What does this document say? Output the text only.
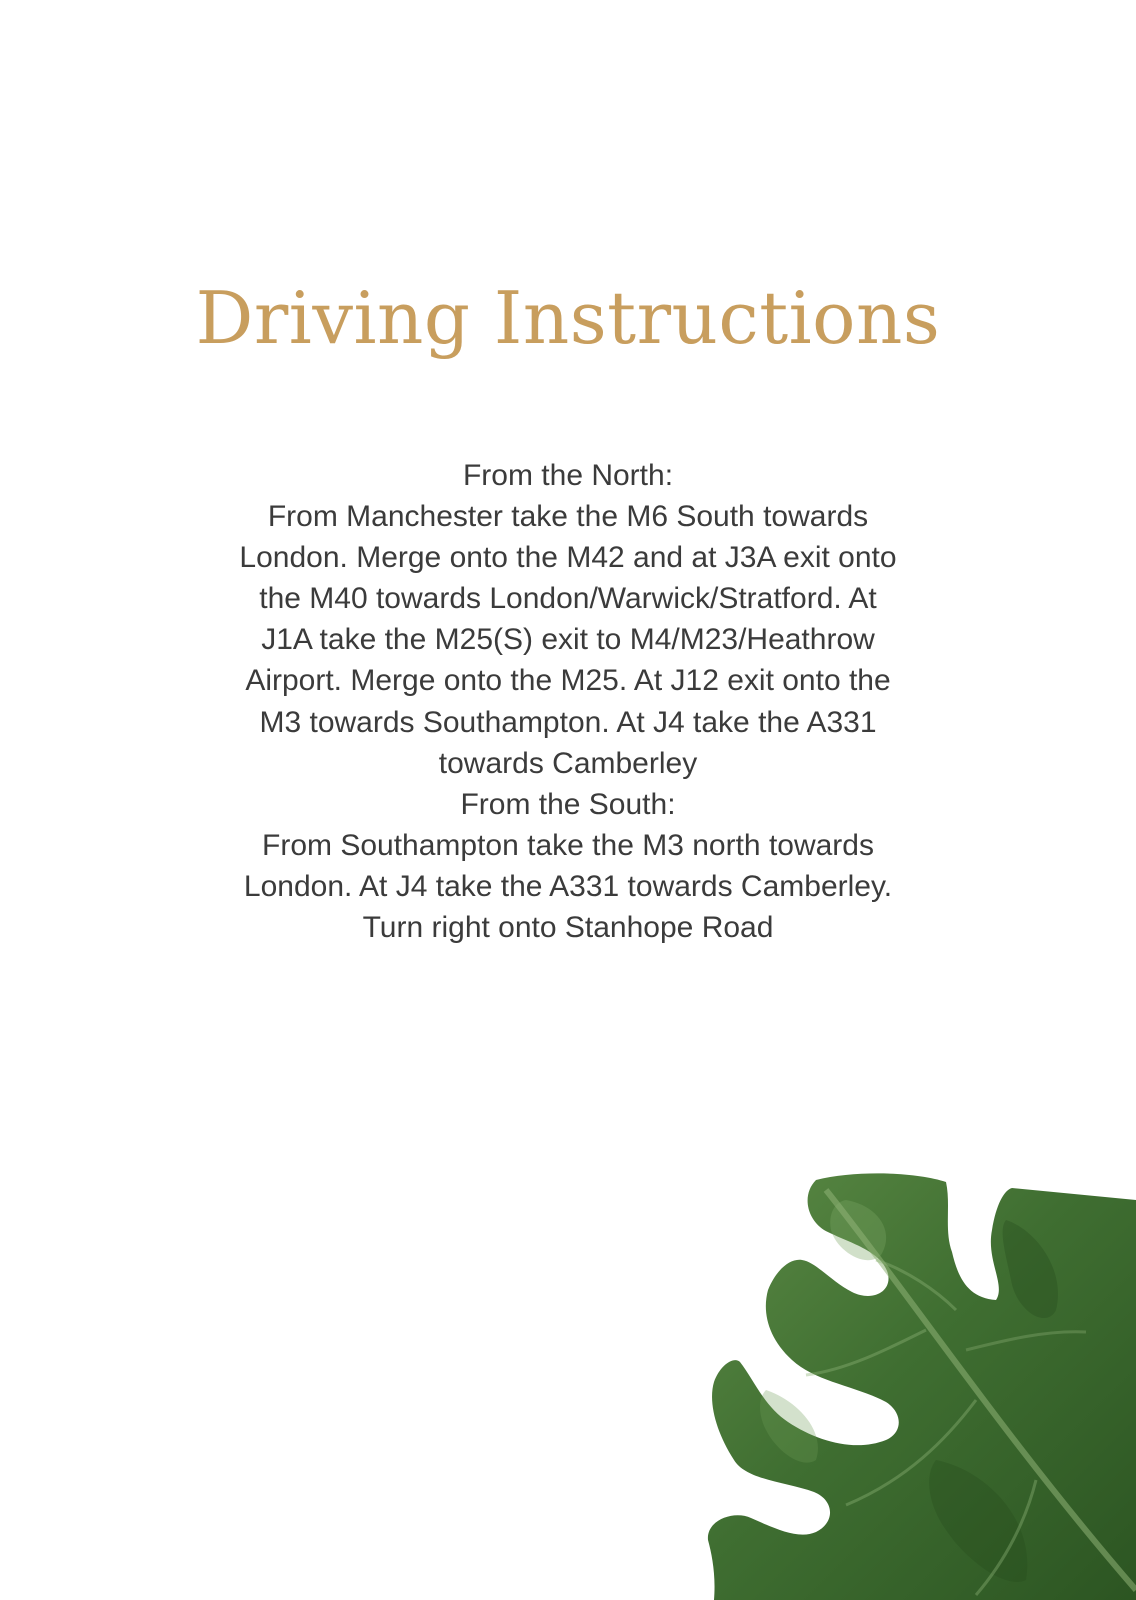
Driving Instructions
From the North:
From Manchester take the M6 South towards
London. Merge onto the M42 and at J3A exit onto
the M40 towards London/Warwick/Stratford. At
J1A take the M25(S) exit to M4/M23/Heathrow
Airport. Merge onto the M25. At J12 exit onto the
M3 towards Southampton. At J4 take the A331
towards Camberley
From the South:
From Southampton take the M3 north towards
London. At J4 take the A331 towards Camberley.
Turn right onto Stanhope Road
